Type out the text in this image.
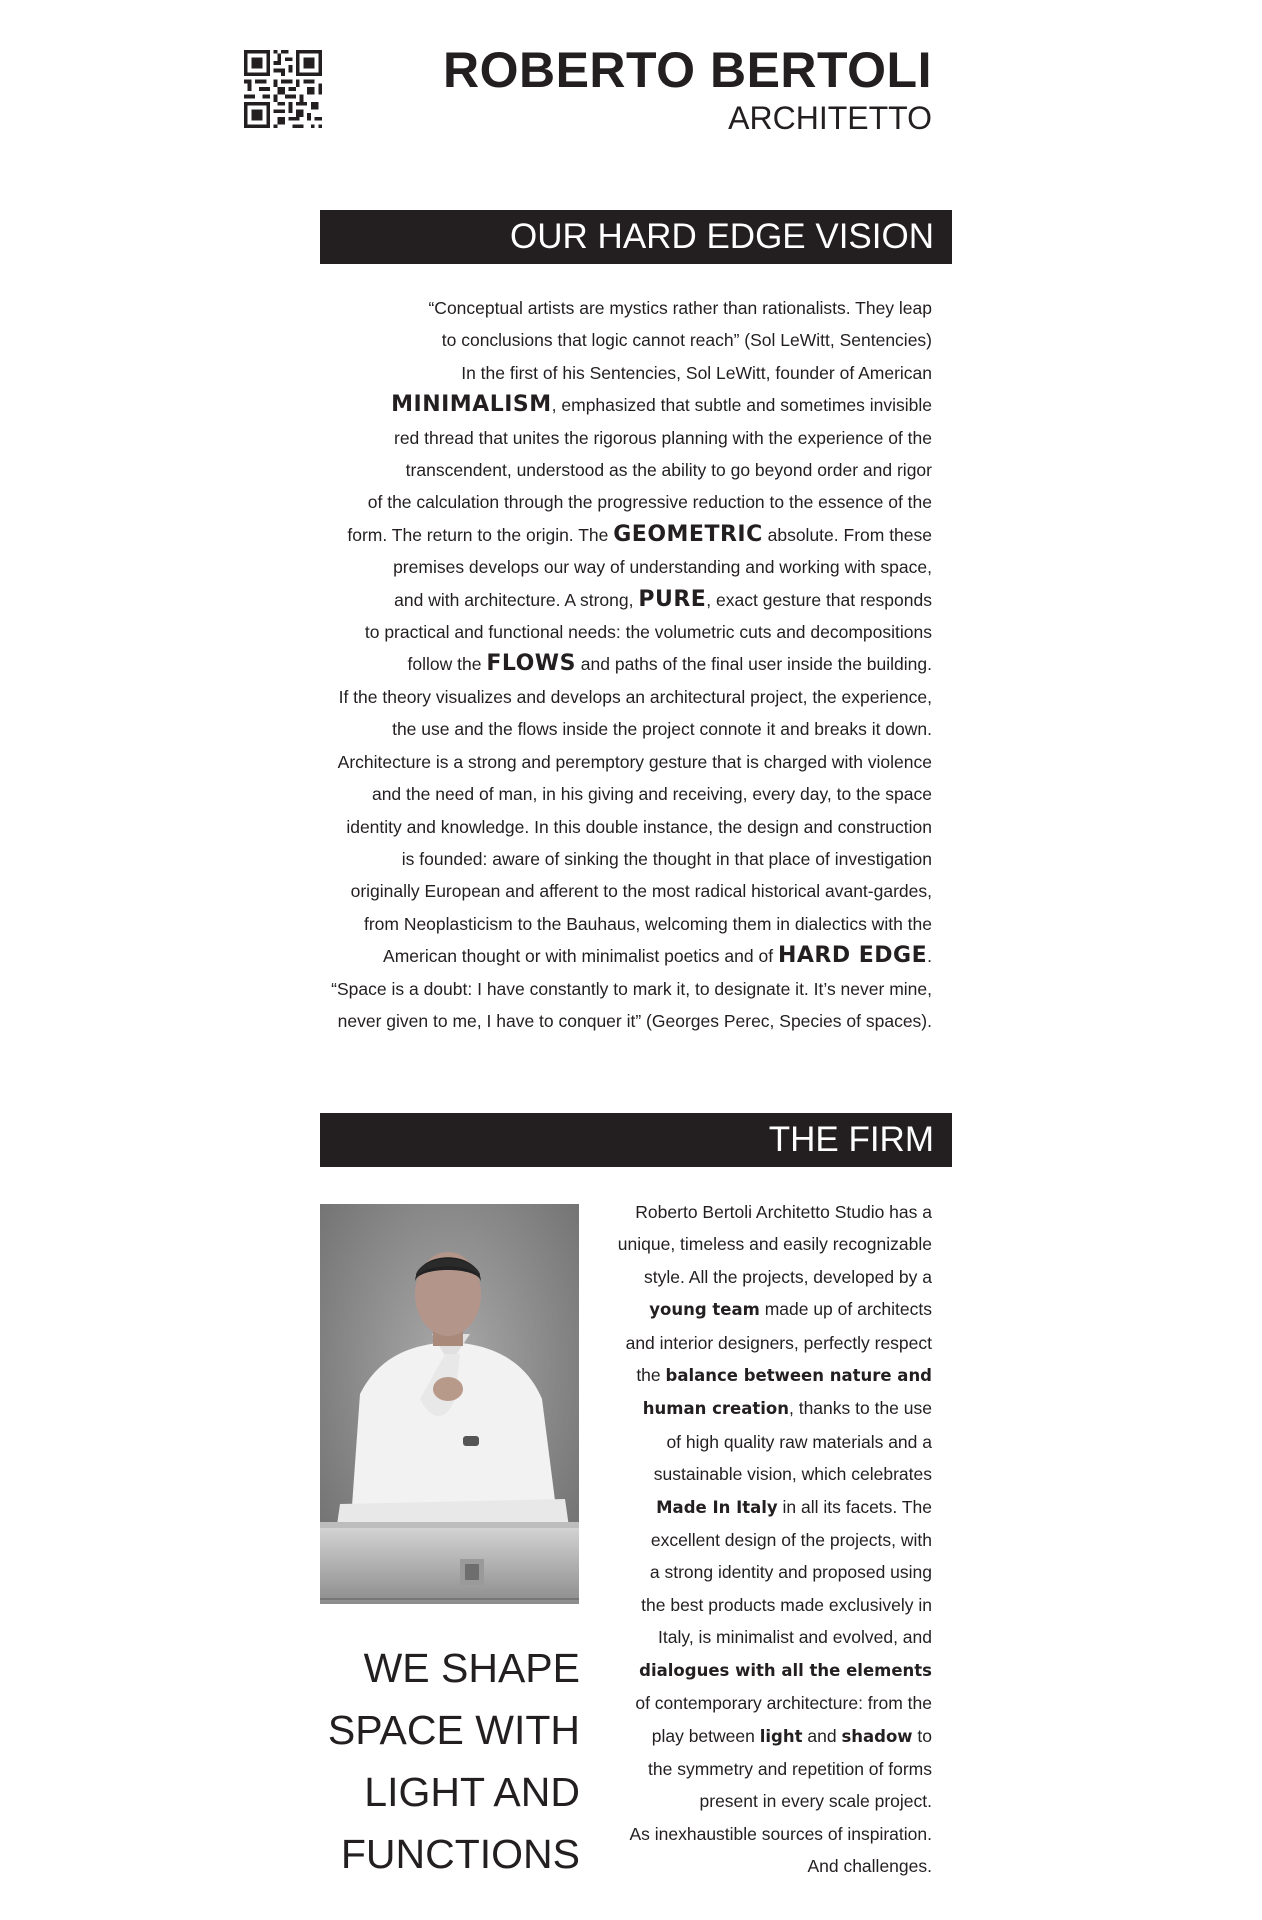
ROBERTO BERTOLI
ARCHITETTO
OUR HARD EDGE VISION
“Conceptual artists are mystics rather than rationalists. They leap
to conclusions that logic cannot reach” (Sol LeWitt, Sentencies)
In the first of his Sentencies, Sol LeWitt, founder of American
MINIMALISM, emphasized that subtle and sometimes invisible
red thread that unites the rigorous planning with the experience of the
transcendent, understood as the ability to go beyond order and rigor
of the calculation through the progressive reduction to the essence of the
form. The return to the origin. The GEOMETRIC absolute. From these
premises develops our way of understanding and working with space,
and with architecture. A strong, PURE, exact gesture that responds
to practical and functional needs: the volumetric cuts and decompositions
follow the FLOWS and paths of the final user inside the building.
If the theory visualizes and develops an architectural project, the experience,
the use and the flows inside the project connote it and breaks it down.
Architecture is a strong and peremptory gesture that is charged with violence
and the need of man, in his giving and receiving, every day, to the space
identity and knowledge. In this double instance, the design and construction
is founded: aware of sinking the thought in that place of investigation
originally European and afferent to the most radical historical avant-gardes,
from Neoplasticism to the Bauhaus, welcoming them in dialectics with the
American thought or with minimalist poetics and of HARD EDGE.
“Space is a doubt: I have constantly to mark it, to designate it. It’s never mine,
never given to me, I have to conquer it” (Georges Perec, Species of spaces).
THE FIRM
WE SHAPE
SPACE WITH
LIGHT AND
FUNCTIONS
Roberto Bertoli Architetto Studio has a
unique, timeless and easily recognizable
style. All the projects, developed by a
young team made up of architects
and interior designers, perfectly respect
the balance between nature and
human creation, thanks to the use
of high quality raw materials and a
sustainable vision, which celebrates
Made In Italy in all its facets. The
excellent design of the projects, with
a strong identity and proposed using
the best products made exclusively in
Italy, is minimalist and evolved, and
dialogues with all the elements
of contemporary architecture: from the
play between light and shadow to
the symmetry and repetition of forms
present in every scale project.
As inexhaustible sources of inspiration.
And challenges.
